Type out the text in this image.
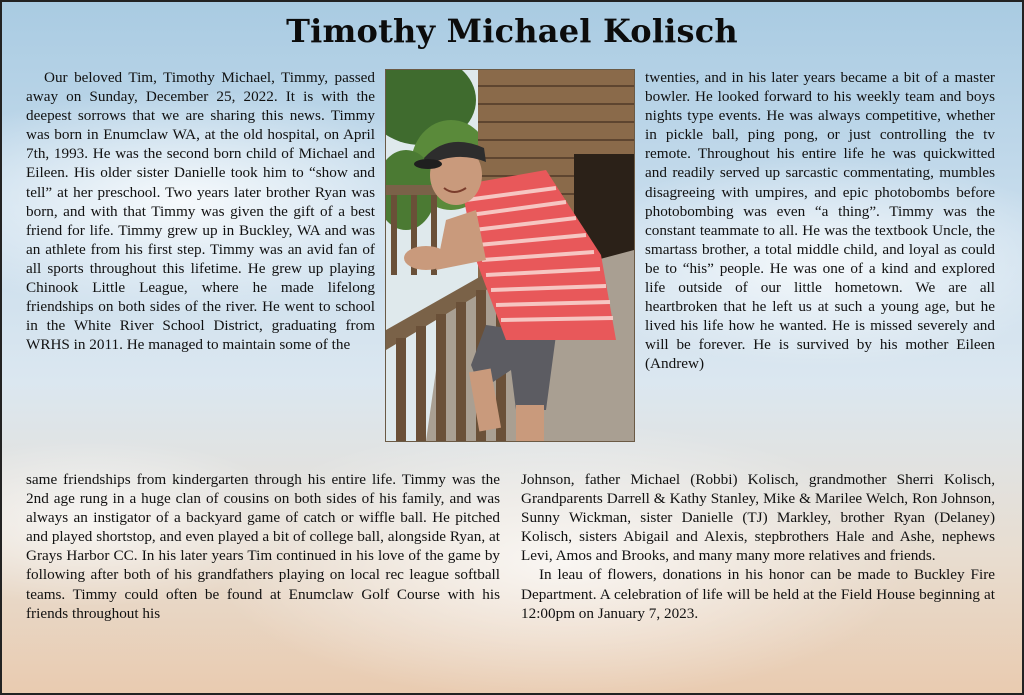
Timothy Michael Kolisch

Our beloved Tim, Timothy Michael, Timmy, passed away on Sunday, December 25, 2022. It is with the deepest sorrows that we are sharing this news. Timmy was born in Enumclaw WA, at the old hospital, on April 7th, 1993. He was the second born child of Michael and Eileen. His older sister Danielle took him to “show and tell” at her preschool. Two years later brother Ryan was born, and with that Timmy was given the gift of a best friend for life. Timmy grew up in Buckley, WA and was an athlete from his first step. Timmy was an avid fan of all sports throughout this lifetime. He grew up playing Chinook Little League, where he made lifelong friendships on both sides of the river. He went to school in the White River School District, graduating from WRHS in 2011. He managed to maintain some of the

twenties, and in his later years became a bit of a master bowler. He looked forward to his weekly team and boys nights type events. He was always competitive, whether in pickle ball, ping pong, or just controlling the tv remote. Throughout his entire life he was quickwitted and readily served up sarcastic commentating, mumbles disagreeing with umpires, and epic photobombs before photobombing was even “a thing”. Timmy was the constant teammate to all. He was the textbook Uncle, the smartass brother, a total middle child, and loyal as could be to “his” people. He was one of a kind and explored life outside of our little hometown. We are all heartbroken that he left us at such a young age, but he lived his life how he wanted. He is missed severely and will be forever. He is survived by his mother Eileen (Andrew)

same friendships from kindergarten through his entire life. Timmy was the 2nd age rung in a huge clan of cousins on both sides of his family, and was always an instigator of a backyard game of catch or wiffle ball. He pitched and played shortstop, and even played a bit of college ball, alongside Ryan, at Grays Harbor CC. In his later years Tim continued in his love of the game by following after both of his grandfathers playing on local rec league softball teams. Timmy could often be found at Enumclaw Golf Course with his friends throughout his

Johnson, father Michael (Robbi) Kolisch, grandmother Sherri Kolisch, Grandparents Darrell & Kathy Stanley, Mike & Marilee Welch, Ron Johnson, Sunny Wickman, sister Danielle (TJ) Markley, brother Ryan (Delaney) Kolisch, sisters Abigail and Alexis, stepbrothers Hale and Ashe, nephews Levi, Amos and Brooks, and many many more relatives and friends.
In leau of flowers, donations in his honor can be made to Buckley Fire Department. A celebration of life will be held at the Field House beginning at 12:00pm on January 7, 2023.
